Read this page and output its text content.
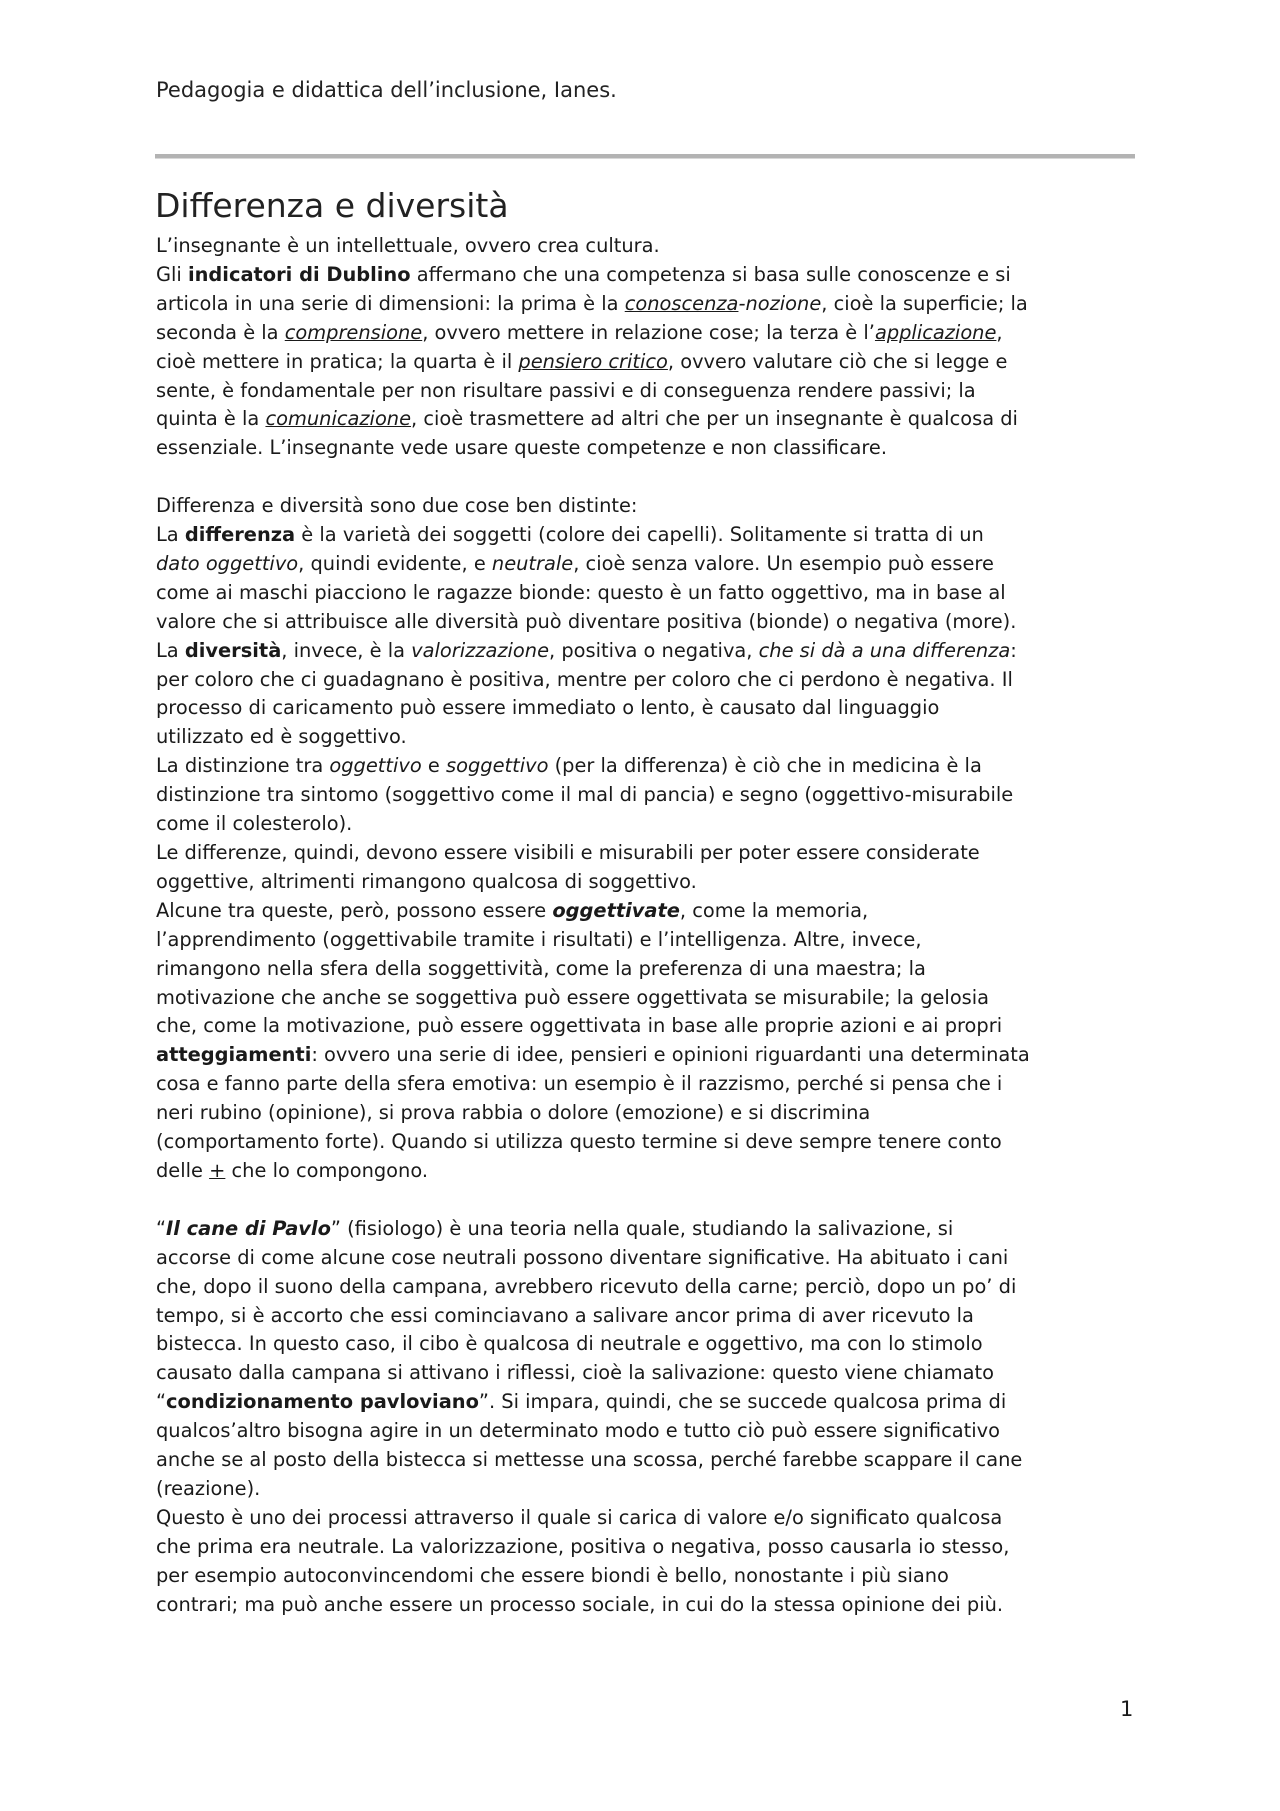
Pedagogia e didattica dell’inclusione, Ianes.
Differenza e diversità

L’insegnante è un intellettuale, ovvero crea cultura.

Gli indicatori di Dublino affermano che una competenza si basa sulle conoscenze e si

articola in una serie di dimensioni: la prima è la conoscenza-nozione, cioè la superficie; la

seconda è la comprensione, ovvero mettere in relazione cose; la terza è l’applicazione,

cioè mettere in pratica; la quarta è il pensiero critico, ovvero valutare ciò che si legge e

sente, è fondamentale per non risultare passivi e di conseguenza rendere passivi; la

quinta è la comunicazione, cioè trasmettere ad altri che per un insegnante è qualcosa di

essenziale. L’insegnante vede usare queste competenze e non classificare.

Differenza e diversità sono due cose ben distinte:

La differenza è la varietà dei soggetti (colore dei capelli). Solitamente si tratta di un

dato oggettivo, quindi evidente, e neutrale, cioè senza valore. Un esempio può essere

come ai maschi piacciono le ragazze bionde: questo è un fatto oggettivo, ma in base al

valore che si attribuisce alle diversità può diventare positiva (bionde) o negativa (more).

La diversità, invece, è la valorizzazione, positiva o negativa, che si dà a una differenza:

per coloro che ci guadagnano è positiva, mentre per coloro che ci perdono è negativa. Il

processo di caricamento può essere immediato o lento, è causato dal linguaggio

utilizzato ed è soggettivo.

La distinzione tra oggettivo e soggettivo (per la differenza) è ciò che in medicina è la

distinzione tra sintomo (soggettivo come il mal di pancia) e segno (oggettivo-misurabile

come il colesterolo).

Le differenze, quindi, devono essere visibili e misurabili per poter essere considerate

oggettive, altrimenti rimangono qualcosa di soggettivo.

Alcune tra queste, però, possono essere oggettivate, come la memoria,

l’apprendimento (oggettivabile tramite i risultati) e l’intelligenza. Altre, invece,

rimangono nella sfera della soggettività, come la preferenza di una maestra; la

motivazione che anche se soggettiva può essere oggettivata se misurabile; la gelosia

che, come la motivazione, può essere oggettivata in base alle proprie azioni e ai propri

atteggiamenti: ovvero una serie di idee, pensieri e opinioni riguardanti una determinata

cosa e fanno parte della sfera emotiva: un esempio è il razzismo, perché si pensa che i

neri rubino (opinione), si prova rabbia o dolore (emozione) e si discrimina

(comportamento forte). Quando si utilizza questo termine si deve sempre tenere conto

delle + che lo compongono.

“Il cane di Pavlo” (fisiologo) è una teoria nella quale, studiando la salivazione, si

accorse di come alcune cose neutrali possono diventare significative. Ha abituato i cani

che, dopo il suono della campana, avrebbero ricevuto della carne; perciò, dopo un po’ di

tempo, si è accorto che essi cominciavano a salivare ancor prima di aver ricevuto la

bistecca. In questo caso, il cibo è qualcosa di neutrale e oggettivo, ma con lo stimolo

causato dalla campana si attivano i riflessi, cioè la salivazione: questo viene chiamato

“condizionamento pavloviano”. Si impara, quindi, che se succede qualcosa prima di

qualcos’altro bisogna agire in un determinato modo e tutto ciò può essere significativo

anche se al posto della bistecca si mettesse una scossa, perché farebbe scappare il cane

(reazione).

Questo è uno dei processi attraverso il quale si carica di valore e/o significato qualcosa

che prima era neutrale. La valorizzazione, positiva o negativa, posso causarla io stesso,

per esempio autoconvincendomi che essere biondi è bello, nonostante i più siano

contrari; ma può anche essere un processo sociale, in cui do la stessa opinione dei più.

1
